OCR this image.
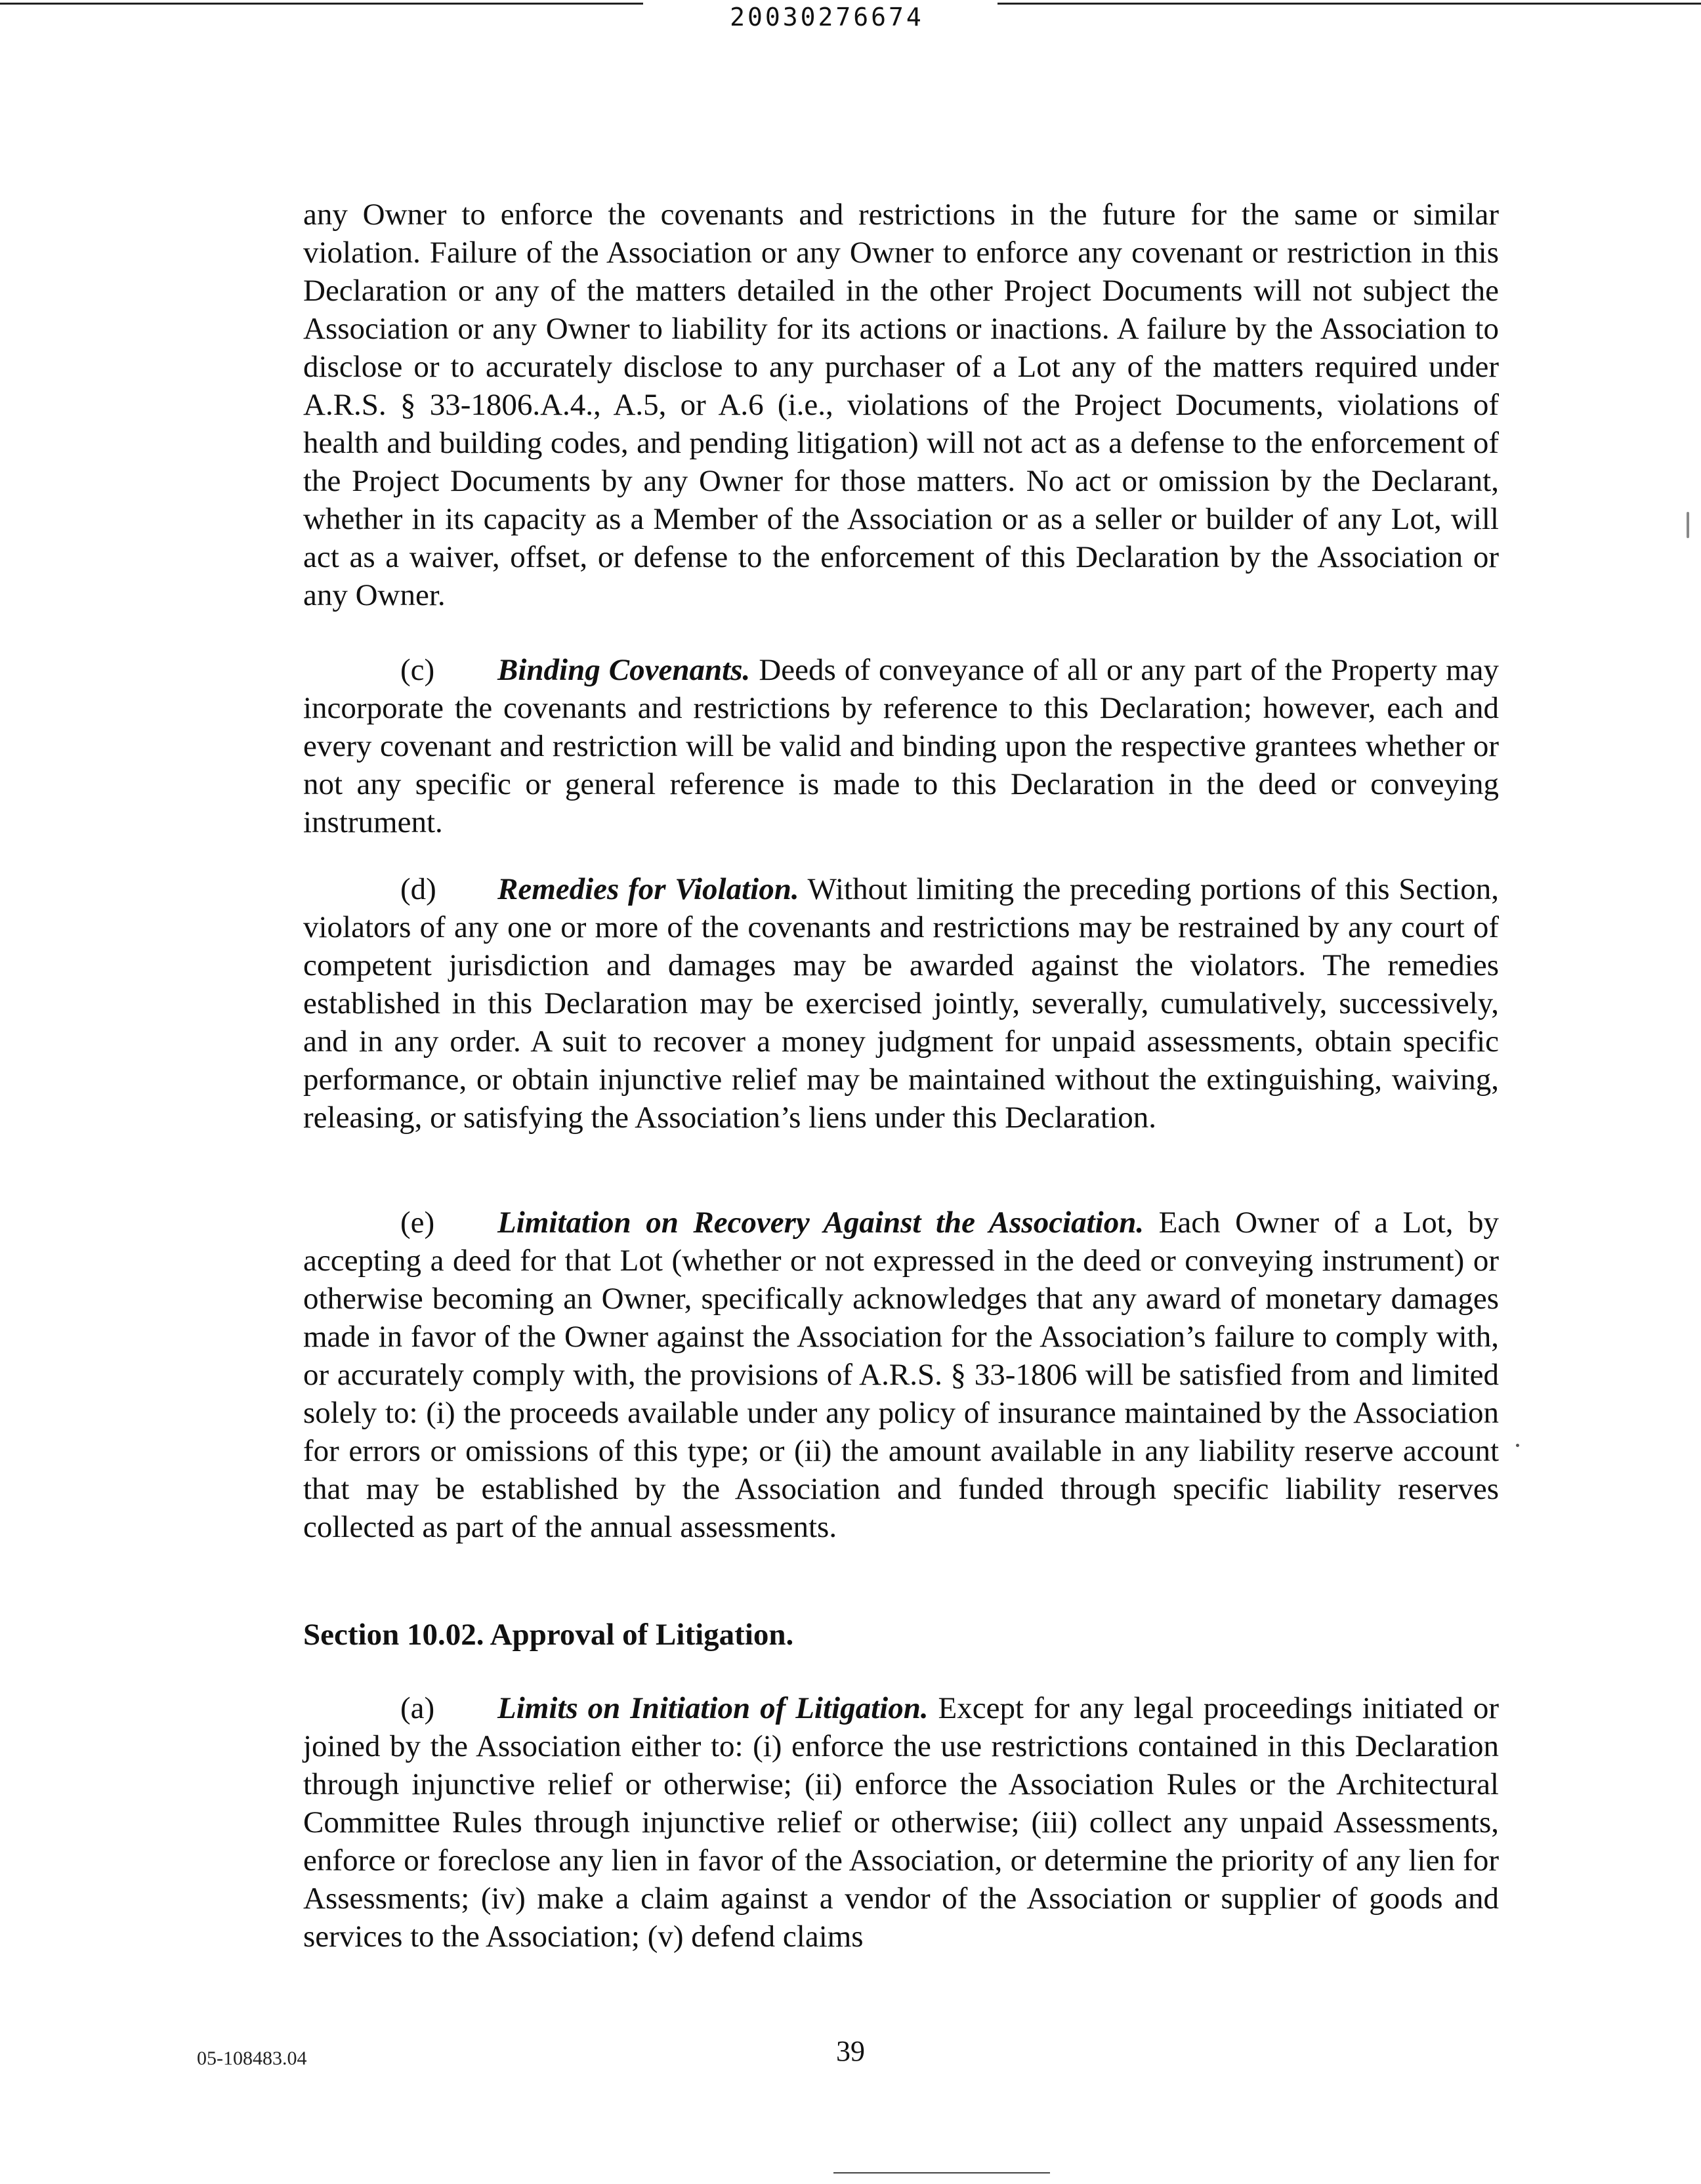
20030276674

any Owner to enforce the covenants and restrictions in the future for the same or similar violation. Failure of the Association or any Owner to enforce any covenant or restriction in this Declaration or any of the matters detailed in the other Project Documents will not subject the Association or any Owner to liability for its actions or inactions. A failure by the Association to disclose or to accurately disclose to any purchaser of a Lot any of the matters required under A.R.S. § 33-1806.A.4., A.5, or A.6 (i.e., violations of the Project Documents, violations of health and building codes, and pending litigation) will not act as a defense to the enforcement of the Project Documents by any Owner for those matters. No act or omission by the Declarant, whether in its capacity as a Member of the Association or as a seller or builder of any Lot, will act as a waiver, offset, or defense to the enforcement of this Declaration by the Association or any Owner.

(c) Binding Covenants. Deeds of conveyance of all or any part of the Property may incorporate the covenants and restrictions by reference to this Declaration; however, each and every covenant and restriction will be valid and binding upon the respective grantees whether or not any specific or general reference is made to this Declaration in the deed or conveying instrument.

(d) Remedies for Violation. Without limiting the preceding portions of this Section, violators of any one or more of the covenants and restrictions may be restrained by any court of competent jurisdiction and damages may be awarded against the violators. The remedies established in this Declaration may be exercised jointly, severally, cumulatively, successively, and in any order. A suit to recover a money judgment for unpaid assessments, obtain specific performance, or obtain injunctive relief may be maintained without the extinguishing, waiving, releasing, or satisfying the Association’s liens under this Declaration.

(e) Limitation on Recovery Against the Association. Each Owner of a Lot, by accepting a deed for that Lot (whether or not expressed in the deed or conveying instrument) or otherwise becoming an Owner, specifically acknowledges that any award of monetary damages made in favor of the Owner against the Association for the Association’s failure to comply with, or accurately comply with, the provisions of A.R.S. § 33-1806 will be satisfied from and limited solely to: (i) the proceeds available under any policy of insurance maintained by the Association for errors or omissions of this type; or (ii) the amount available in any liability reserve account that may be established by the Association and funded through specific liability reserves collected as part of the annual assessments.

Section 10.02. Approval of Litigation.

(a) Limits on Initiation of Litigation. Except for any legal proceedings initiated or joined by the Association either to: (i) enforce the use restrictions contained in this Declaration through injunctive relief or otherwise; (ii) enforce the Association Rules or the Architectural Committee Rules through injunctive relief or otherwise; (iii) collect any unpaid Assessments, enforce or foreclose any lien in favor of the Association, or determine the priority of any lien for Assessments; (iv) make a claim against a vendor of the Association or supplier of goods and services to the Association; (v) defend claims

05-108483.04	39
